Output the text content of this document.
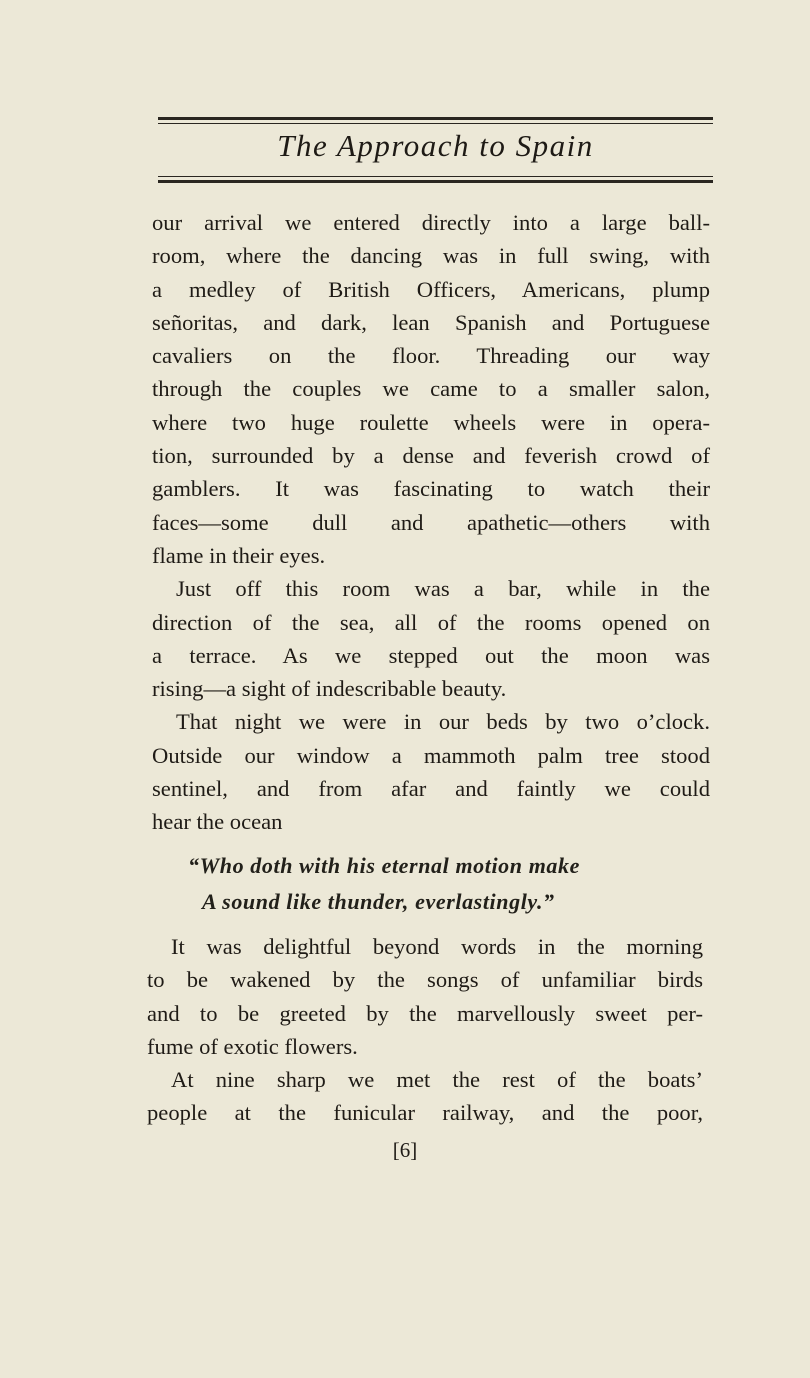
The Approach to Spain
our arrival we entered directly into a large ball-
room, where the dancing was in full swing, with
a medley of British Officers, Americans, plump
señoritas, and dark, lean Spanish and Portuguese
cavaliers on the floor. Threading our way
through the couples we came to a smaller salon,
where two huge roulette wheels were in opera-
tion, surrounded by a dense and feverish crowd of
gamblers. It was fascinating to watch their
faces—some dull and apathetic—others with
flame in their eyes.
Just off this room was a bar, while in the
direction of the sea, all of the rooms opened on
a terrace. As we stepped out the moon was
rising—a sight of indescribable beauty.
That night we were in our beds by two o’clock.
Outside our window a mammoth palm tree stood
sentinel, and from afar and faintly we could
hear the ocean
“Who doth with his eternal motion make
A sound like thunder, everlastingly.”
It was delightful beyond words in the morning
to be wakened by the songs of unfamiliar birds
and to be greeted by the marvellously sweet per-
fume of exotic flowers.
At nine sharp we met the rest of the boats’
people at the funicular railway, and the poor,
[6]
